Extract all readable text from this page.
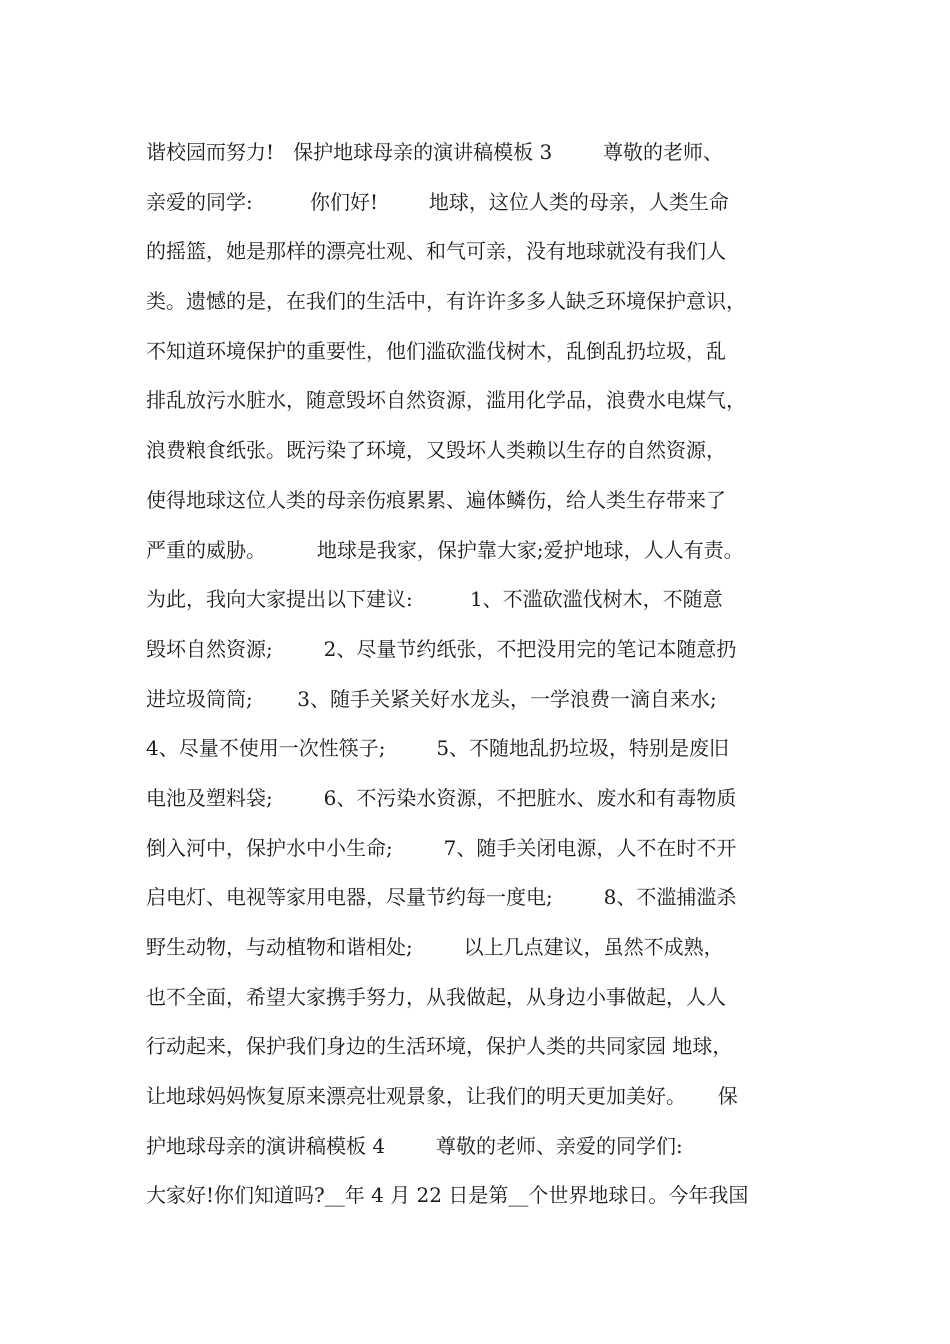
谐校园而努力!   保护地球母亲的演讲稿模板 3        尊敬的老师、
亲爱的同学:         你们好!        地球，这位人类的母亲，人类生命
的摇篮，她是那样的漂亮壮观、和气可亲，没有地球就没有我们人
类。遗憾的是，在我们的生活中，有许许多多人缺乏环境保护意识，
不知道环境保护的重要性，他们滥砍滥伐树木，乱倒乱扔垃圾，乱
排乱放污水脏水，随意毁坏自然资源，滥用化学品，浪费水电煤气，
浪费粮食纸张。既污染了环境，又毁坏人类赖以生存的自然资源，
使得地球这位人类的母亲伤痕累累、遍体鳞伤，给人类生存带来了
严重的威胁。        地球是我家，保护靠大家;爱护地球，人人有责。
为此，我向大家提出以下建议:         1、不滥砍滥伐树木，不随意
毁坏自然资源;        2、尽量节约纸张，不把没用完的笔记本随意扔
进垃圾筒筒;       3、随手关紧关好水龙头，一学浪费一滴自来水;
4、尽量不使用一次性筷子;        5、不随地乱扔垃圾，特别是废旧
电池及塑料袋;        6、不污染水资源，不把脏水、废水和有毒物质
倒入河中，保护水中小生命;        7、随手关闭电源，人不在时不开
启电灯、电视等家用电器，尽量节约每一度电;        8、不滥捕滥杀
野生动物，与动植物和谐相处;        以上几点建议，虽然不成熟，
也不全面，希望大家携手努力，从我做起，从身边小事做起，人人
行动起来，保护我们身边的生活环境，保护人类的共同家园 地球，
让地球妈妈恢复原来漂亮壮观景象，让我们的明天更加美好。     保
护地球母亲的演讲稿模板 4        尊敬的老师、亲爱的同学们:
大家好!你们知道吗?__年 4 月 22 日是第__个世界地球日。今年我国
